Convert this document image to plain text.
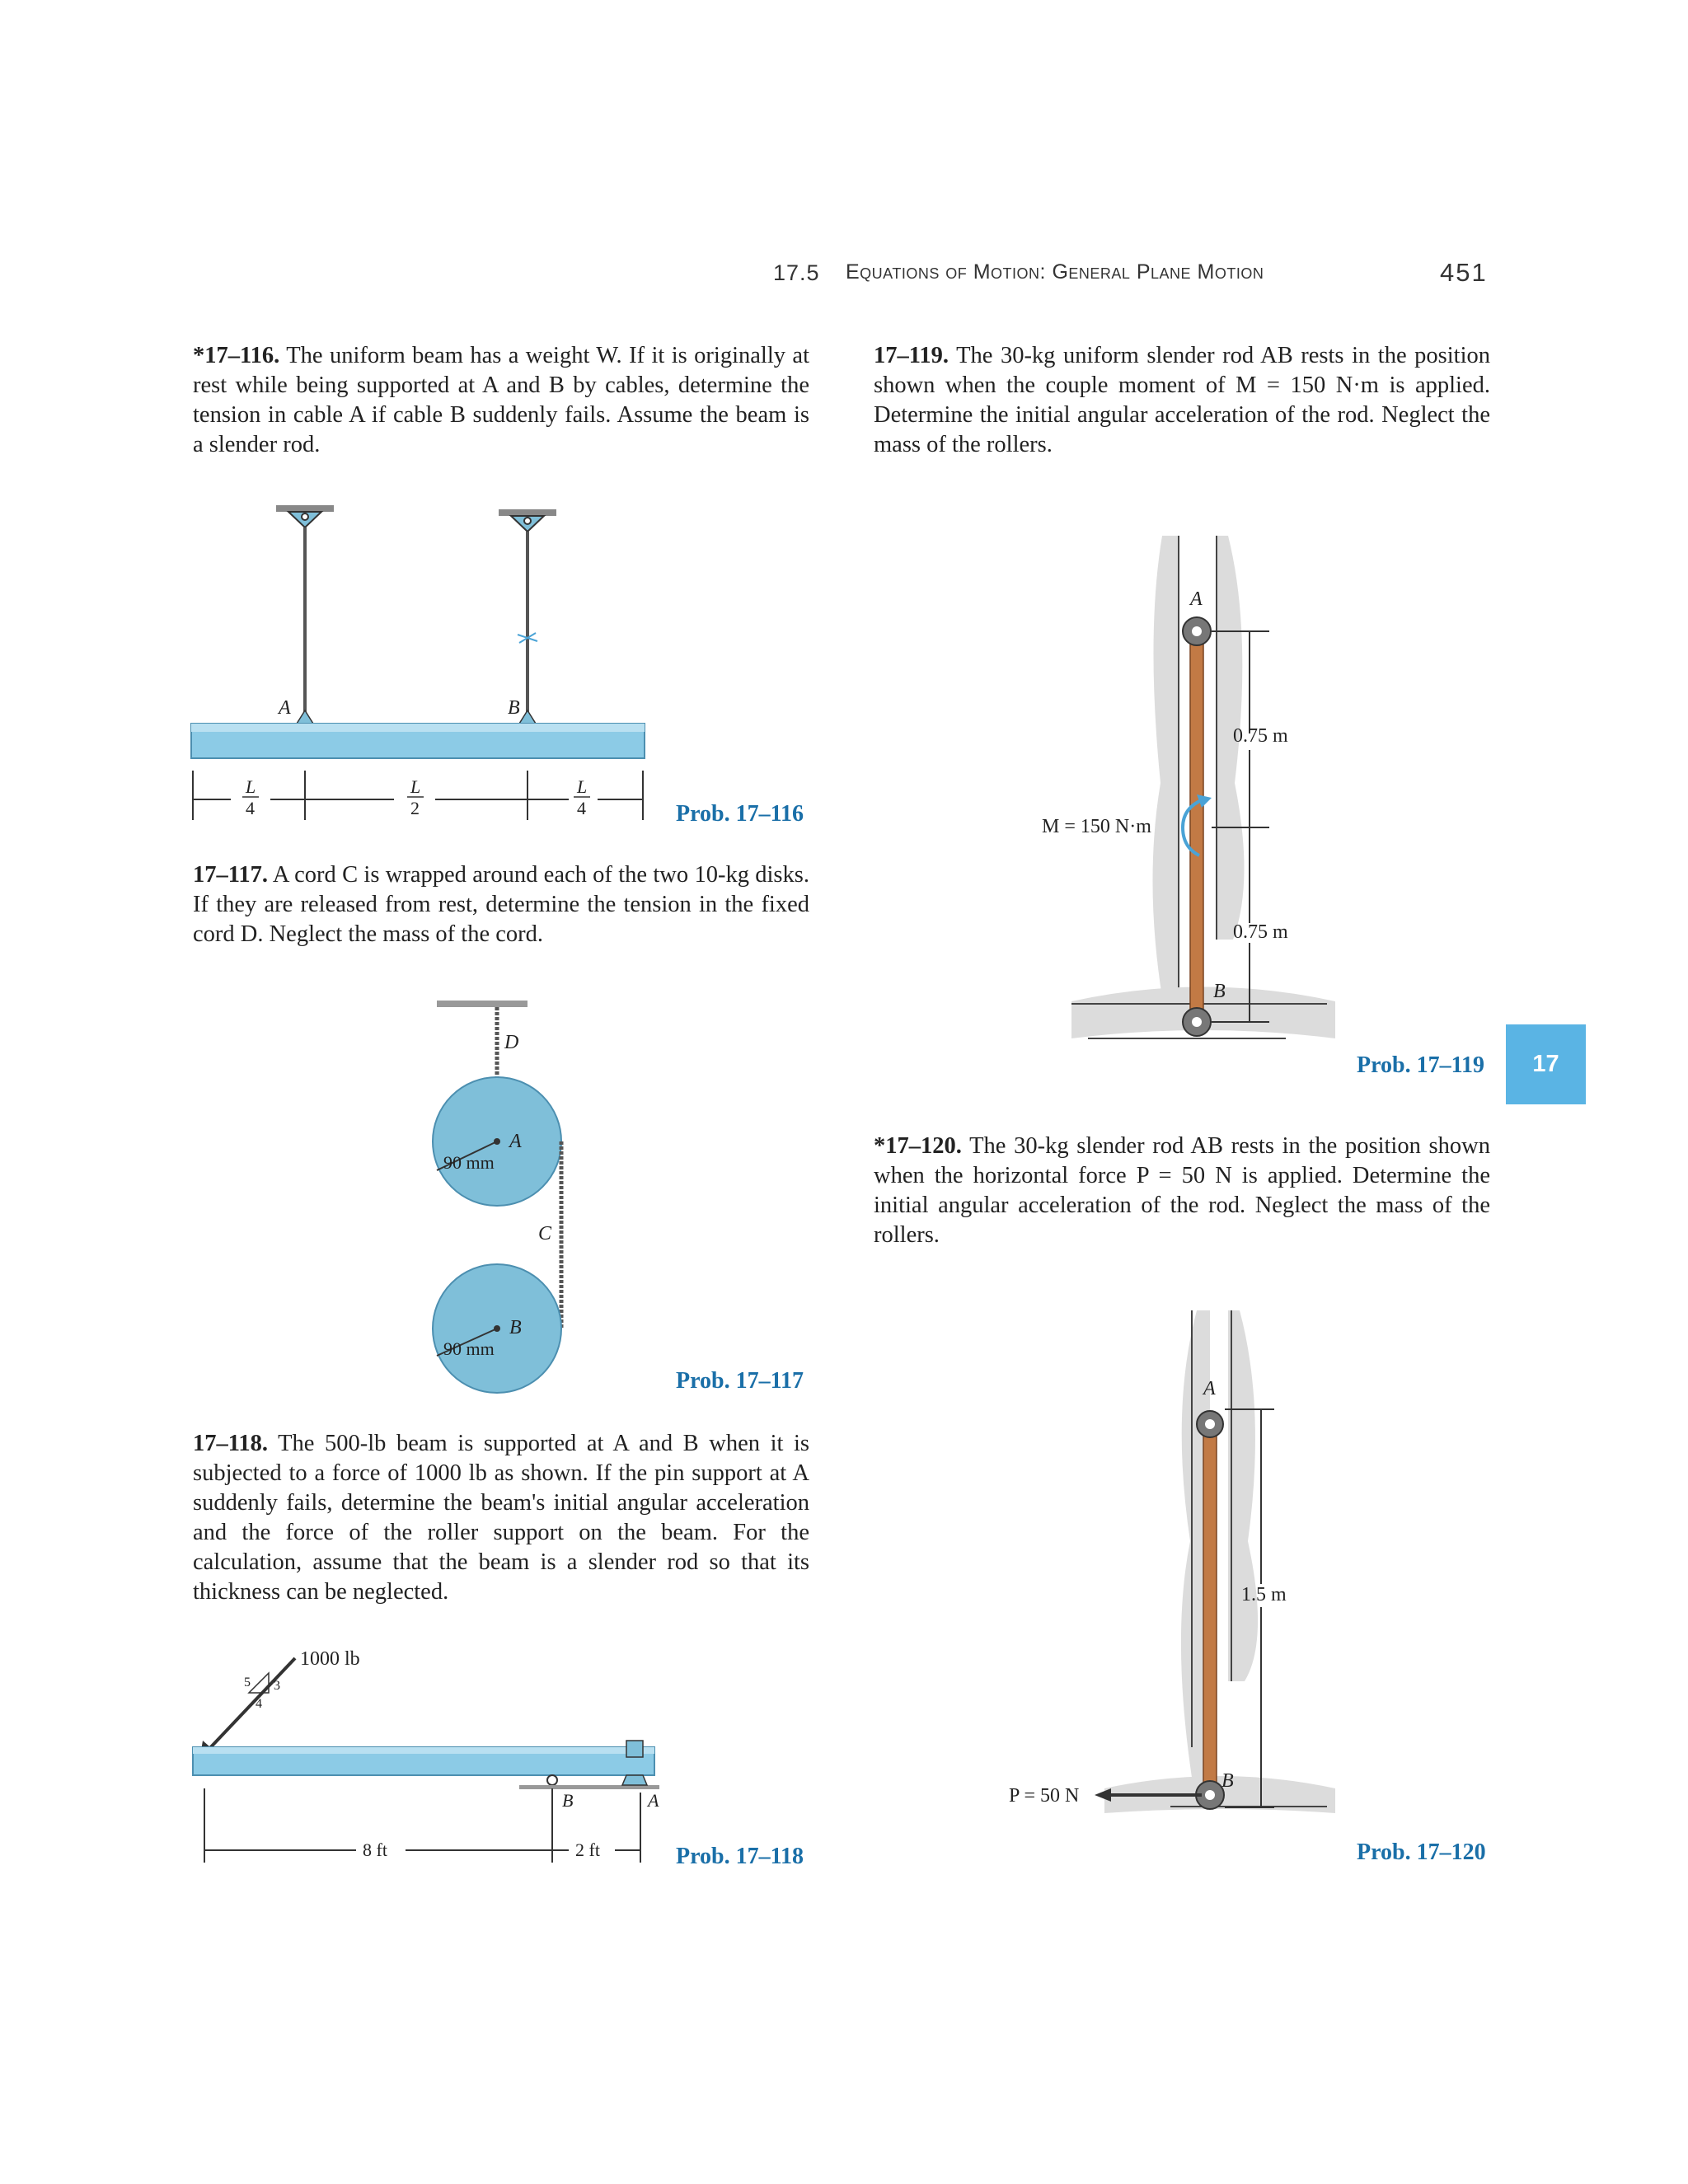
17.5 Equations of Motion: General Plane Motion	451
*17–116. The uniform beam has a weight W. If it is originally at rest while being supported at A and B by cables, determine the tension in cable A if cable B suddenly fails. Assume the beam is a slender rod.
17–117. A cord C is wrapped around each of the two 10-kg disks. If they are released from rest, determine the tension in the fixed cord D. Neglect the mass of the cord.
17–118. The 500-lb beam is supported at A and B when it is subjected to a force of 1000 lb as shown. If the pin support at A suddenly fails, determine the beam's initial angular acceleration and the force of the roller support on the beam. For the calculation, assume that the beam is a slender rod so that its thickness can be neglected.
17–119. The 30-kg uniform slender rod AB rests in the position shown when the couple moment of M = 150 N·m is applied. Determine the initial angular acceleration of the rod. Neglect the mass of the rollers.
*17–120. The 30-kg slender rod AB rests in the position shown when the horizontal force P = 50 N is applied. Determine the initial angular acceleration of the rod. Neglect the mass of the rollers.
Prob. 17–116
Prob. 17–117
Prob. 17–118
Prob. 17–119
Prob. 17–120
17
A	B
L
4
L
2
L
4
D
A
90 mm
C
B
90 mm
1000 lb
5 3
4
B	A
8 ft	2 ft
A
B
M = 150 N·m
0.75 m
0.75 m
A
B
P = 50 N
1.5 m
